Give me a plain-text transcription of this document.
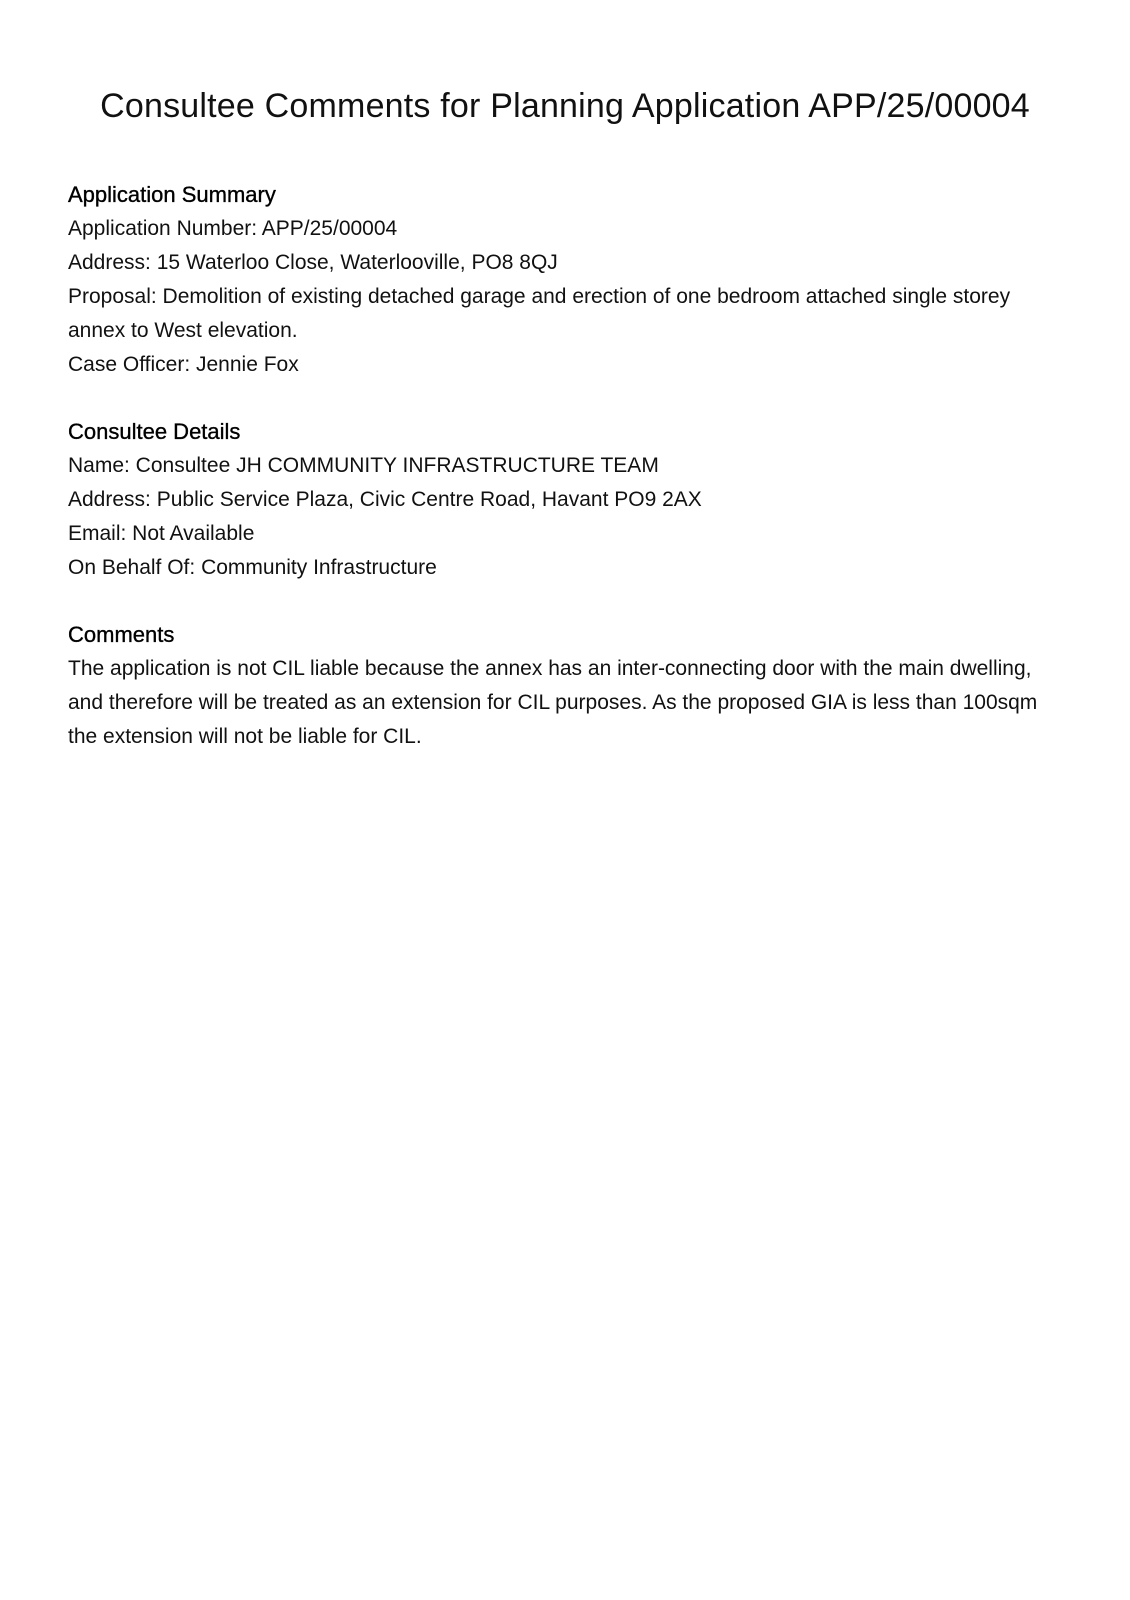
Consultee Comments for Planning Application APP/25/00004
Application Summary

Application Number: APP/25/00004

Address: 15 Waterloo Close, Waterlooville, PO8 8QJ

Proposal: Demolition of existing detached garage and erection of one bedroom attached single storey annex to West elevation.

Case Officer: Jennie Fox

Consultee Details

Name: Consultee JH COMMUNITY INFRASTRUCTURE TEAM

Address: Public Service Plaza, Civic Centre Road, Havant PO9 2AX

Email: Not Available

On Behalf Of: Community Infrastructure

Comments

The application is not CIL liable because the annex has an inter-connecting door with the main dwelling, and therefore will be treated as an extension for CIL purposes. As the proposed GIA is less than 100sqm the extension will not be liable for CIL.
